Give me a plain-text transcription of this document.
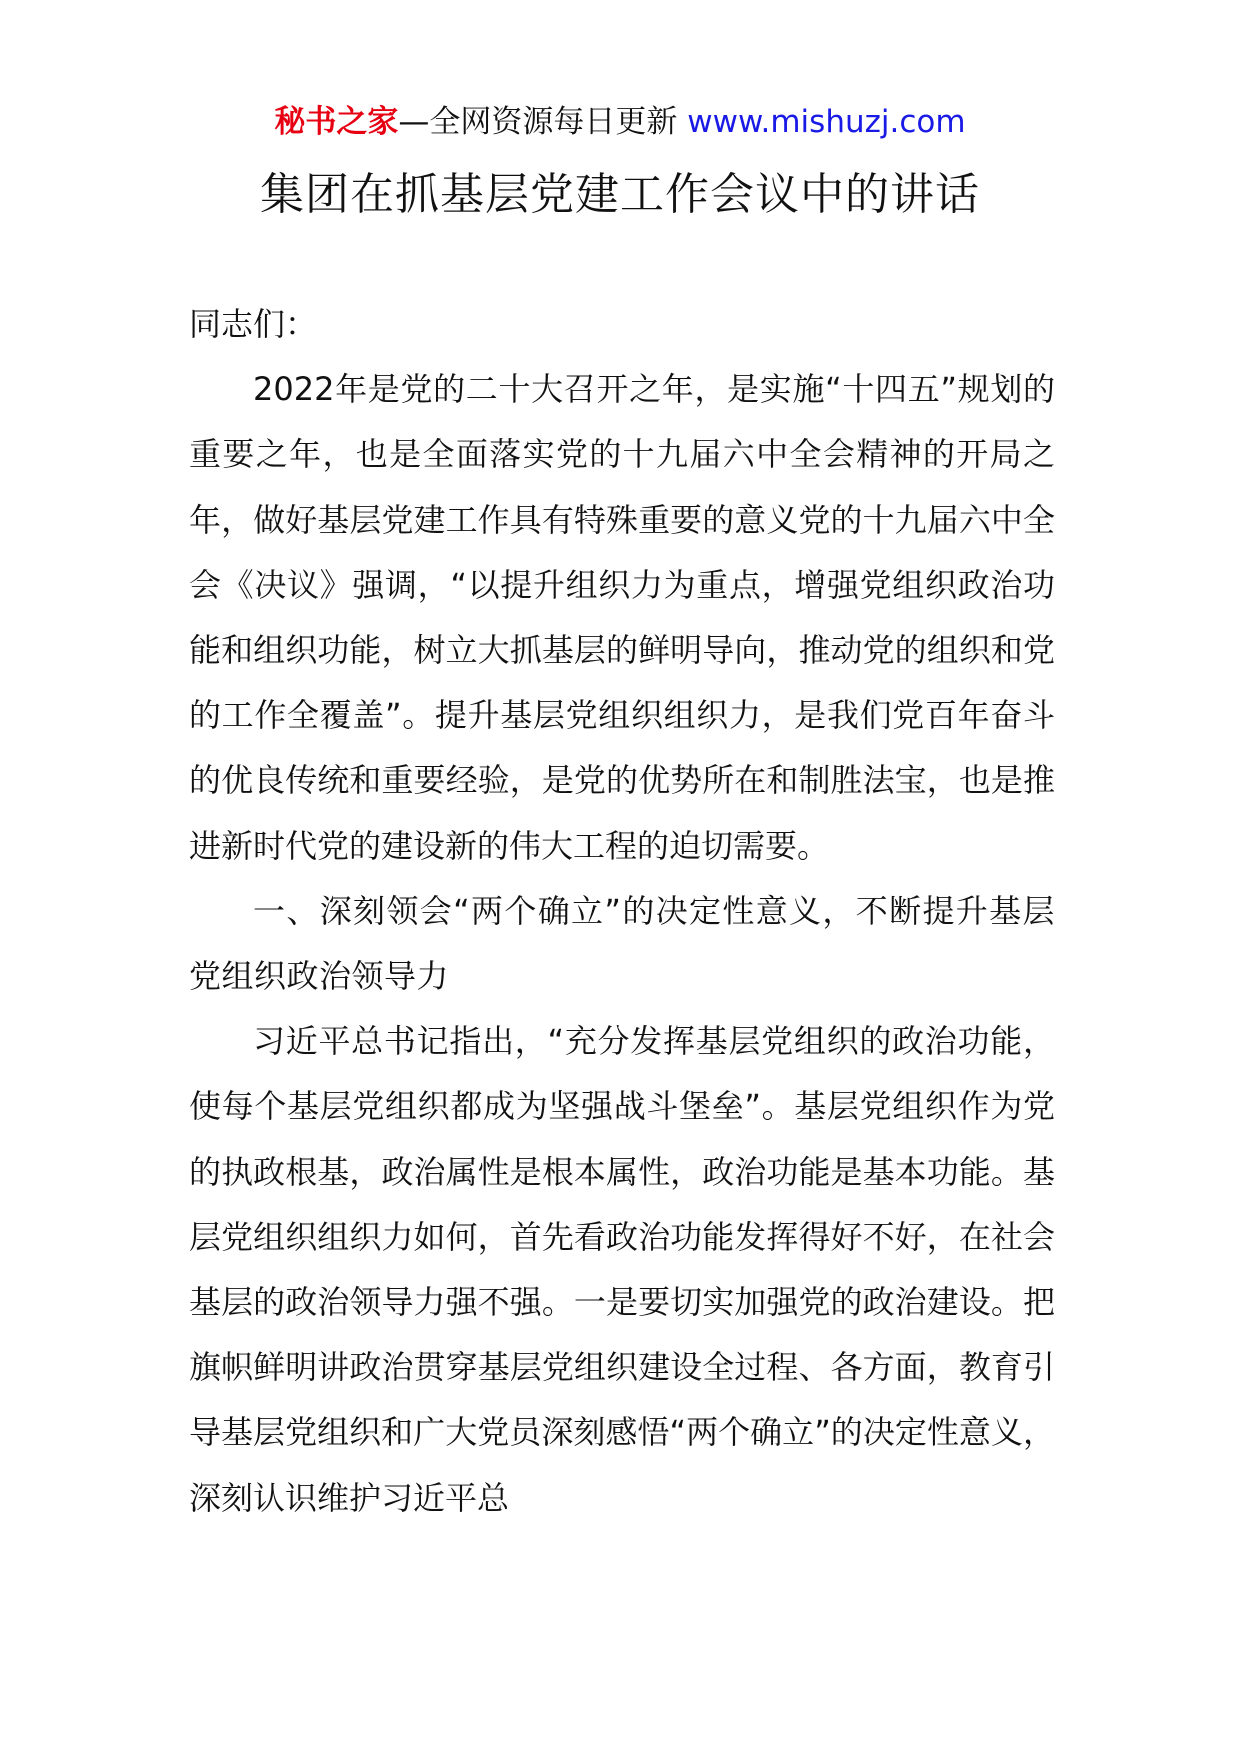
秘书之家—全网资源每日更新 www.mishuzj.com
集团在抓基层党建工作会议中的讲话

同志们：

2022年是党的二十大召开之年，是实施“十四五”规划的重要之年，也是全面落实党的十九届六中全会精神的开局之年，做好基层党建工作具有特殊重要的意义党的十九届六中全会《决议》强调，“以提升组织力为重点，增强党组织政治功能和组织功能，树立大抓基层的鲜明导向，推动党的组织和党的工作全覆盖”。提升基层党组织组织力，是我们党百年奋斗的优良传统和重要经验，是党的优势所在和制胜法宝，也是推进新时代党的建设新的伟大工程的迫切需要。

一、深刻领会“两个确立”的决定性意义，不断提升基层党组织政治领导力

习近平总书记指出，“充分发挥基层党组织的政治功能，使每个基层党组织都成为坚强战斗堡垒”。基层党组织作为党的执政根基，政治属性是根本属性，政治功能是基本功能。基层党组织组织力如何，首先看政治功能发挥得好不好，在社会基层的政治领导力强不强。一是要切实加强党的政治建设。把旗帜鲜明讲政治贯穿基层党组织建设全过程、各方面，教育引导基层党组织和广大党员深刻感悟“两个确立”的决定性意义，深刻认识维护习近平总
